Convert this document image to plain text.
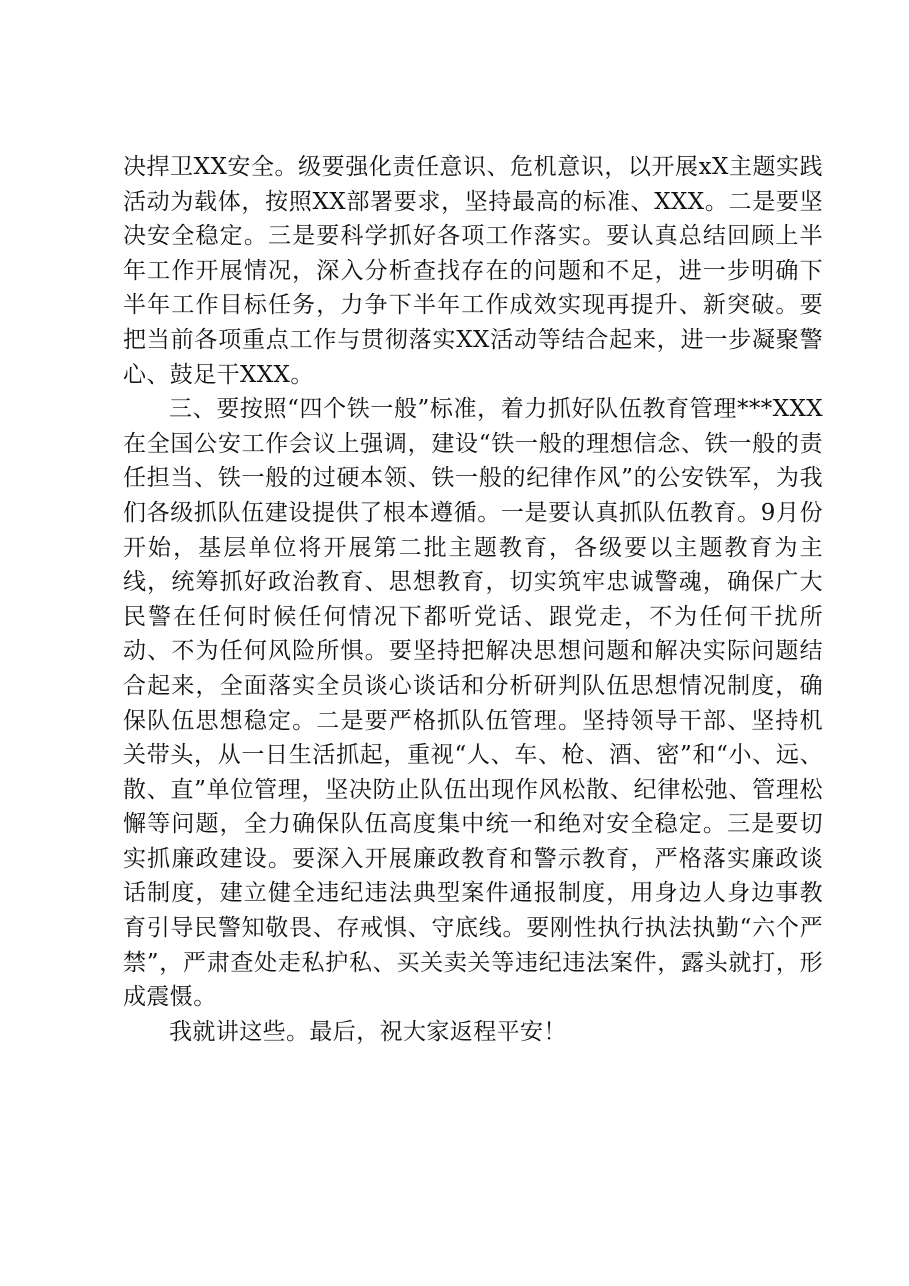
决捍卫XX安全。级要强化责任意识、危机意识，以开展xX主题实践活动为载体，按照XX部署要求，坚持最高的标准、XXX。二是要坚决安全稳定。三是要科学抓好各项工作落实。要认真总结回顾上半年工作开展情况，深入分析查找存在的问题和不足，进一步明确下半年工作目标任务，力争下半年工作成效实现再提升、新突破。要把当前各项重点工作与贯彻落实XX活动等结合起来，进一步凝聚警心、鼓足干XXX。

三、要按照“四个铁一般”标准，着力抓好队伍教育管理***XXX在全国公安工作会议上强调，建设“铁一般的理想信念、铁一般的责任担当、铁一般的过硬本领、铁一般的纪律作风”的公安铁军，为我们各级抓队伍建设提供了根本遵循。一是要认真抓队伍教育。9月份开始，基层单位将开展第二批主题教育，各级要以主题教育为主线，统筹抓好政治教育、思想教育，切实筑牢忠诚警魂，确保广大民警在任何时候任何情况下都听党话、跟党走，不为任何干扰所动、不为任何风险所惧。要坚持把解决思想问题和解决实际问题结合起来，全面落实全员谈心谈话和分析研判队伍思想情况制度，确保队伍思想稳定。二是要严格抓队伍管理。坚持领导干部、坚持机关带头，从一日生活抓起，重视“人、车、枪、酒、密”和“小、远、散、直”单位管理，坚决防止队伍出现作风松散、纪律松弛、管理松懈等问题，全力确保队伍高度集中统一和绝对安全稳定。三是要切实抓廉政建设。要深入开展廉政教育和警示教育，严格落实廉政谈话制度，建立健全违纪违法典型案件通报制度，用身边人身边事教育引导民警知敬畏、存戒惧、守底线。要刚性执行执法执勤“六个严禁”，严肃查处走私护私、买关卖关等违纪违法案件，露头就打，形成震慑。

我就讲这些。最后，祝大家返程平安！
